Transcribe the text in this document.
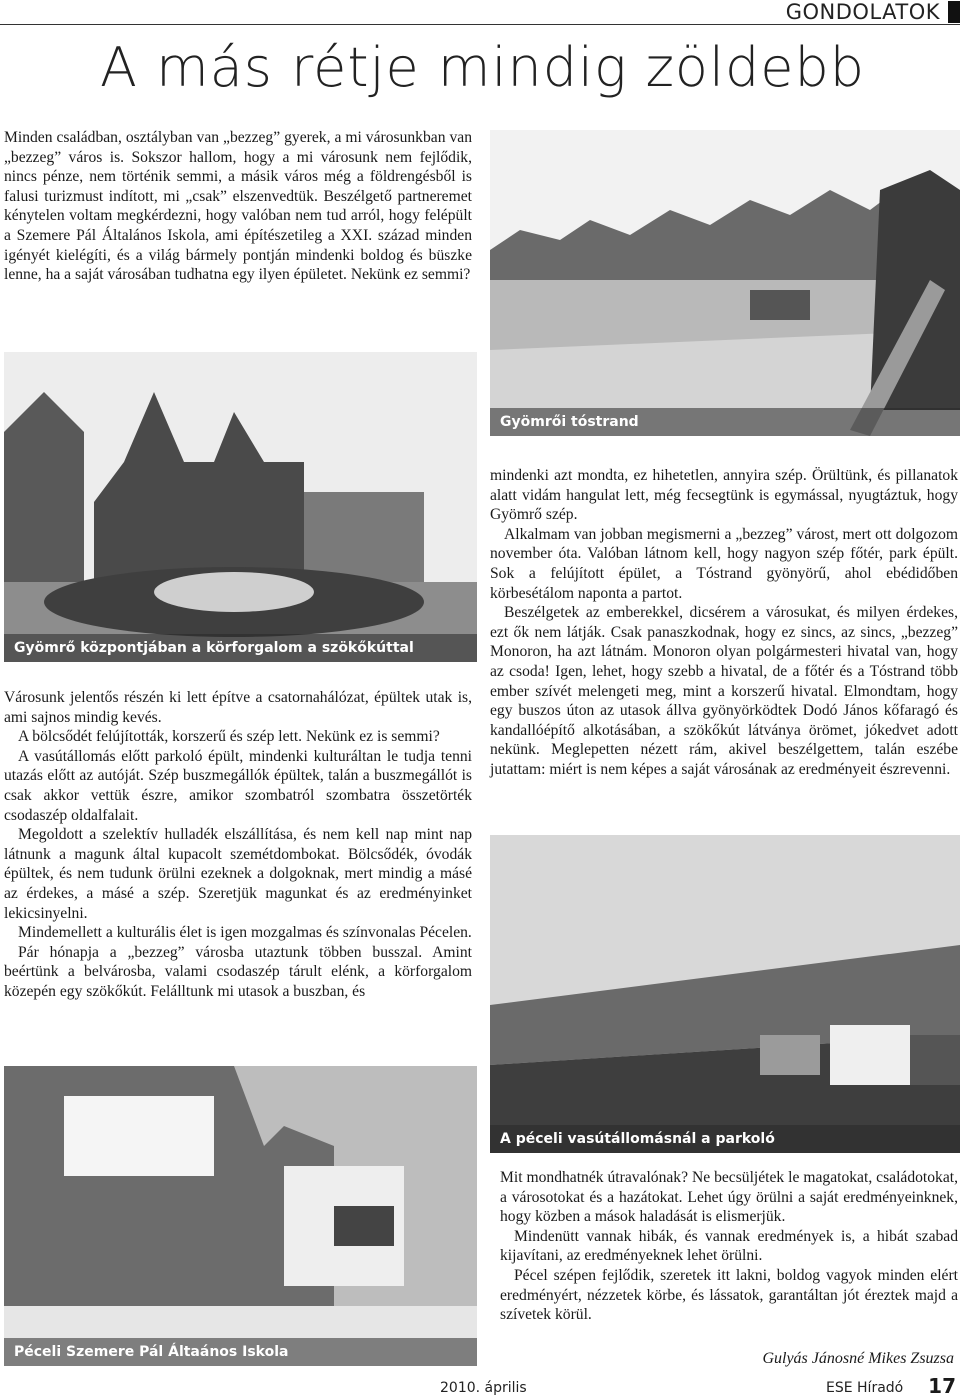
GONDOLATOK
A más rétje mindig zöldebb

Minden családban, osztályban van „bezzeg” gyerek, a mi városunkban van „bezzeg” város is. Sokszor hallom, hogy a mi városunk nem fejlődik, nincs pénze, nem történik semmi, a másik város még a földrengésből is falusi turizmust indított, mi „csak” elszenvedtük. Beszélgető partneremet kénytelen voltam megkérdezni, hogy valóban nem tud arról, hogy felépült a Szemere Pál Általános Iskola, ami építészetileg a XXI. század minden igényét kielégíti, és a világ bármely pontján mindenki boldog és büszke lenne, ha a saját városában tudhatna egy ilyen épületet. Nekünk ez semmi?

Gyömrői tóstrand
Gyömrő központjában a körforgalom a szökőkúttal

Városunk jelentős részén ki lett építve a csatornahálózat, épültek utak is, ami sajnos mindig kevés.

A bölcsődét felújították, korszerű és szép lett. Nekünk ez is semmi?

A vasútállomás előtt parkoló épült, mindenki kulturáltan le tudja tenni utazás előtt az autóját. Szép buszmegállók épültek, talán a buszmegállót is csak akkor vettük észre, amikor szombatról szombatra összetörték csodaszép oldalfalait.

Megoldott a szelektív hulladék elszállítása, és nem kell nap mint nap látnunk a magunk által kupacolt szemétdombokat. Bölcsődék, óvodák épültek, és nem tudunk örülni ezeknek a dolgoknak, mert mindig a másé az érdekes, a másé a szép. Szeretjük magunkat és az eredményinket lekicsinyelni.

Mindemellett a kulturális élet is igen mozgalmas és színvonalas Pécelen.

Pár hónapja a „bezzeg” városba utaztunk többen busszal. Amint beértünk a belvárosba, valami csodaszép tárult elénk, a körforgalom közepén egy szökőkút. Felálltunk mi utasok a buszban, és

mindenki azt mondta, ez hihetetlen, annyira szép. Örültünk, és pillanatok alatt vidám hangulat lett, még fecsegtünk is egymással, nyugtáztuk, hogy Gyömrő szép.

Alkalmam van jobban megismerni a „bezzeg” várost, mert ott dolgozom november óta. Valóban látnom kell, hogy nagyon szép főtér, park épült. Sok a felújított épület, a Tóstrand gyönyörű, ahol ebédidőben körbesétálom naponta a partot.

Beszélgetek az emberekkel, dicsérem a városukat, és milyen érdekes, ezt ők nem látják. Csak panaszkodnak, hogy ez sincs, az sincs, „bezzeg” Monoron, ha azt látnám. Monoron olyan polgármesteri hivatal van, hogy az csoda! Igen, lehet, hogy szebb a hivatal, de a főtér és a Tóstrand több ember szívét melengeti meg, mint a korszerű hivatal. Elmondtam, hogy egy buszos úton az utasok állva gyönyörködtek Dodó János kőfaragó és kandallóépítő alkotásában, a szökőkút látványa örömet, jókedvet adott nekünk. Meglepetten nézett rám, akivel beszélgettem, talán eszébe jutattam: miért is nem képes a saját városának az eredményeit észrevenni.

A péceli vasútállomásnál a parkoló
Péceli Szemere Pál Áltaános Iskola

Mit mondhatnék útravalónak? Ne becsüljétek le magatokat, családotokat, a városotokat és a hazátokat. Lehet úgy örülni a saját eredményeinknek, hogy közben a mások haladását is elismerjük.

Mindenütt vannak hibák, és vannak eredmények is, a hibát szabad kijavítani, az eredményeknek lehet örülni.

Pécel szépen fejlődik, szeretek itt lakni, boldog vagyok minden elért eredményért, nézzetek körbe, és lássatok, garantáltan jót éreztek majd a szívetek körül.

Gulyás Jánosné Mikes Zsuzsa
2010. április	ESE Híradó 17
